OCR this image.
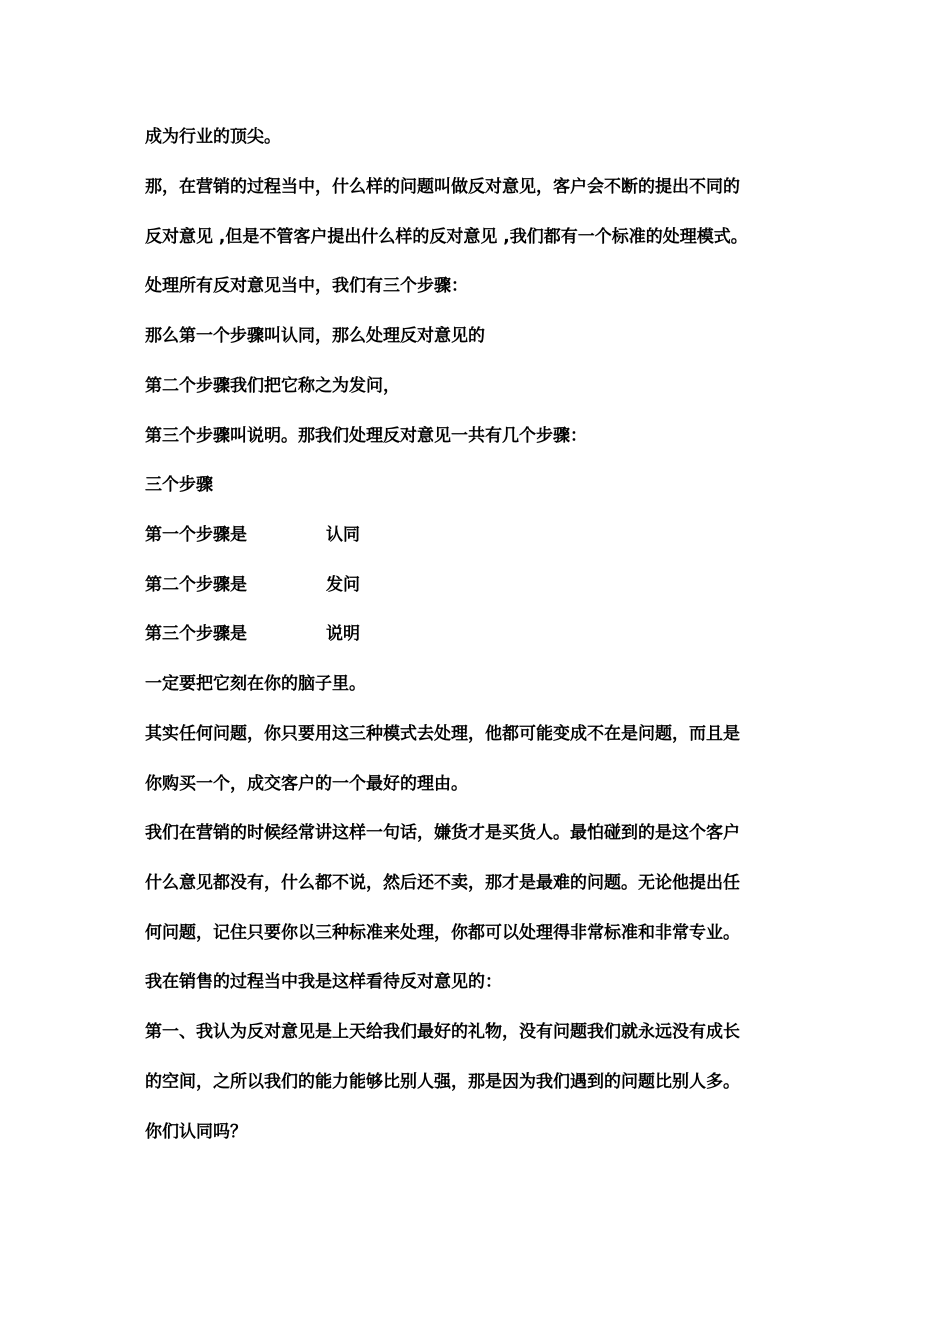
成为行业的顶尖。
那，在营销的过程当中，什么样的问题叫做反对意见，客户会不断的提出不同的
反对意见 ,但是不管客户提出什么样的反对意见 ,我们都有一个标准的处理模式。
处理所有反对意见当中，我们有三个步骤：
那么第一个步骤叫认同，那么处理反对意见的
第二个步骤我们把它称之为发问，
第三个步骤叫说明。那我们处理反对意见一共有几个步骤：
三个步骤
第一个步骤是	认同
第二个步骤是	发问
第三个步骤是	说明
一定要把它刻在你的脑子里。
其实任何问题，你只要用这三种模式去处理，他都可能变成不在是问题，而且是
你购买一个，成交客户的一个最好的理由。
我们在营销的时候经常讲这样一句话，嫌货才是买货人。最怕碰到的是这个客户
什么意见都没有，什么都不说，然后还不卖，那才是最难的问题。无论他提出任
何问题，记住只要你以三种标准来处理，你都可以处理得非常标准和非常专业。
我在销售的过程当中我是这样看待反对意见的：
第一、我认为反对意见是上天给我们最好的礼物，没有问题我们就永远没有成长
的空间，之所以我们的能力能够比别人强，那是因为我们遇到的问题比别人多。
你们认同吗？
